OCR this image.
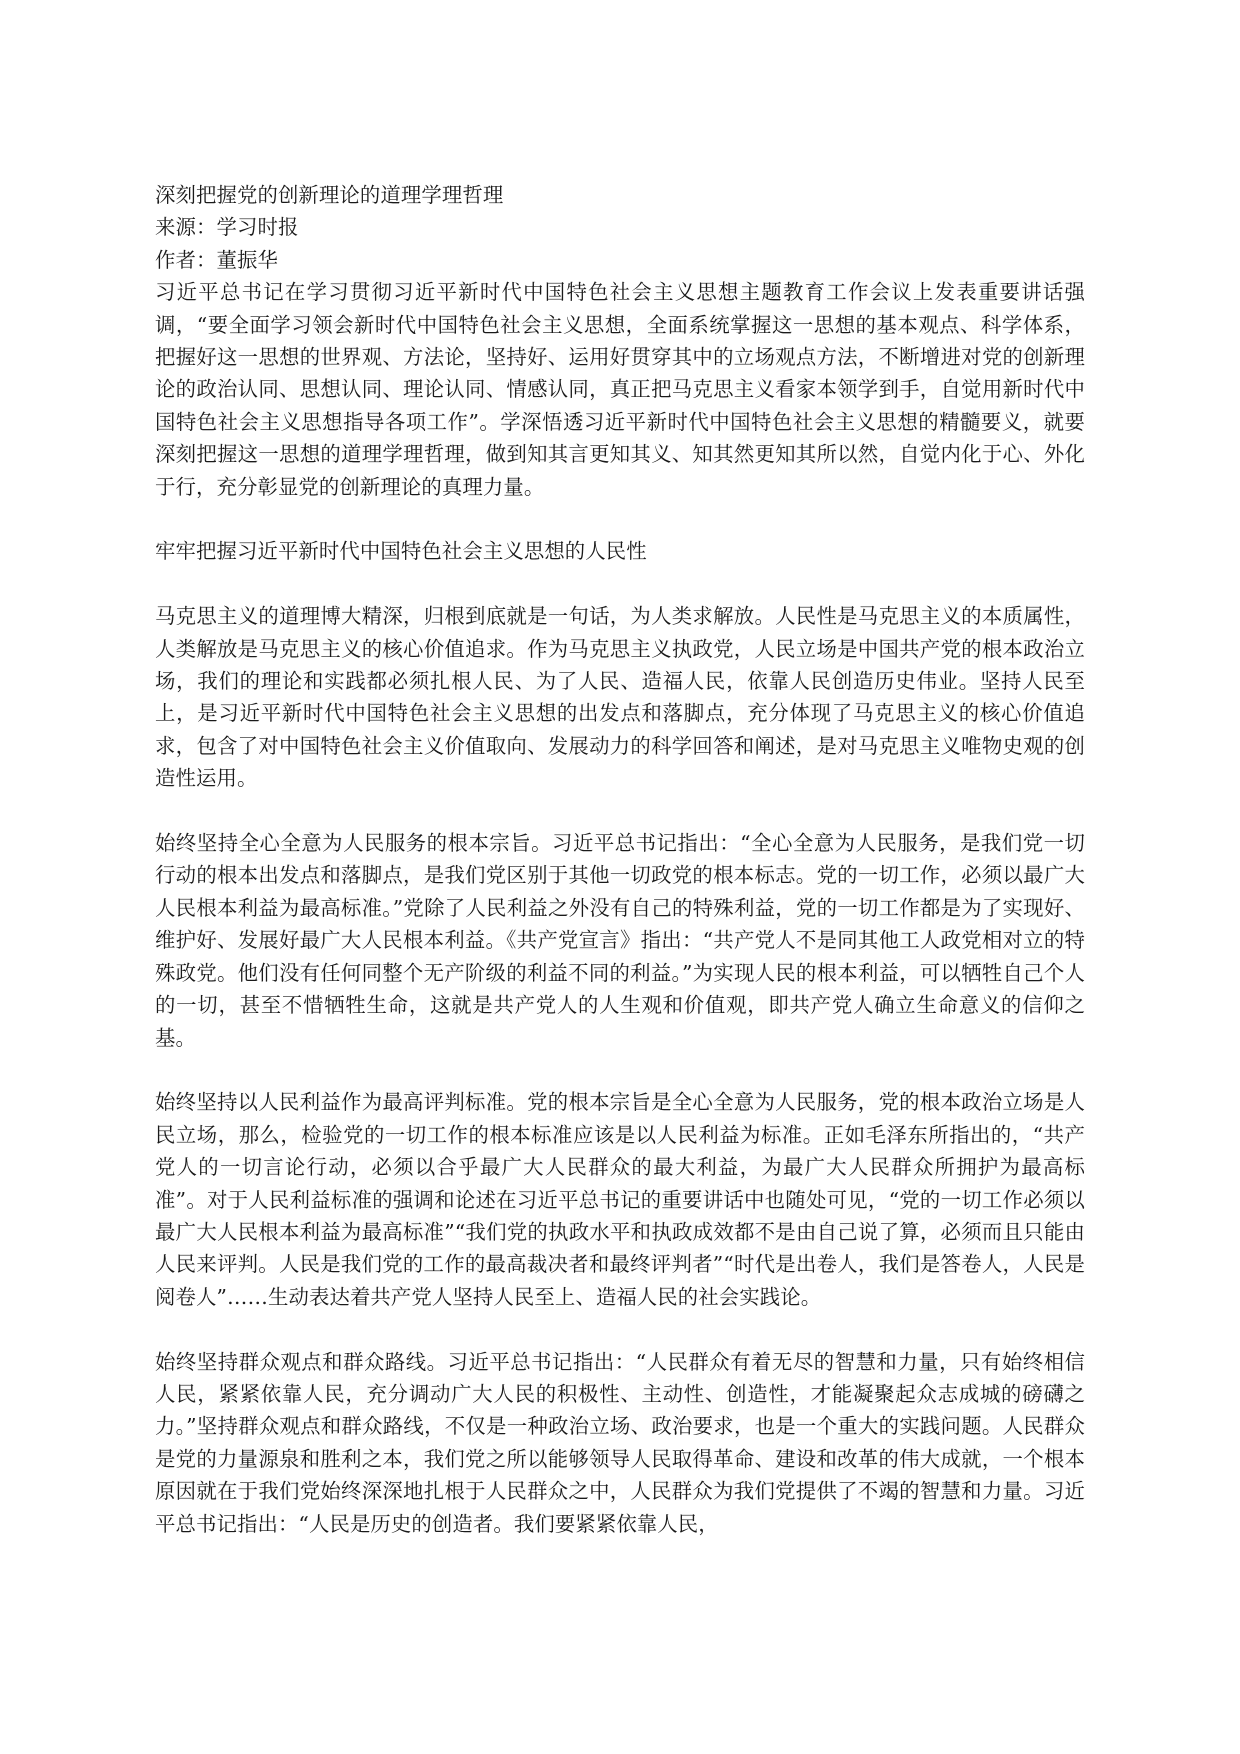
深刻把握党的创新理论的道理学理哲理
来源：学习时报
作者：董振华

习近平总书记在学习贯彻习近平新时代中国特色社会主义思想主题教育工作会议上发表重要讲话强调，“要全面学习领会新时代中国特色社会主义思想，全面系统掌握这一思想的基本观点、科学体系，把握好这一思想的世界观、方法论，坚持好、运用好贯穿其中的立场观点方法，不断增进对党的创新理论的政治认同、思想认同、理论认同、情感认同，真正把马克思主义看家本领学到手，自觉用新时代中国特色社会主义思想指导各项工作”。学深悟透习近平新时代中国特色社会主义思想的精髓要义，就要深刻把握这一思想的道理学理哲理，做到知其言更知其义、知其然更知其所以然，自觉内化于心、外化于行，充分彰显党的创新理论的真理力量。

牢牢把握习近平新时代中国特色社会主义思想的人民性

马克思主义的道理博大精深，归根到底就是一句话，为人类求解放。人民性是马克思主义的本质属性，人类解放是马克思主义的核心价值追求。作为马克思主义执政党，人民立场是中国共产党的根本政治立场，我们的理论和实践都必须扎根人民、为了人民、造福人民，依靠人民创造历史伟业。坚持人民至上，是习近平新时代中国特色社会主义思想的出发点和落脚点，充分体现了马克思主义的核心价值追求，包含了对中国特色社会主义价值取向、发展动力的科学回答和阐述，是对马克思主义唯物史观的创造性运用。

始终坚持全心全意为人民服务的根本宗旨。习近平总书记指出：“全心全意为人民服务，是我们党一切行动的根本出发点和落脚点，是我们党区别于其他一切政党的根本标志。党的一切工作，必须以最广大人民根本利益为最高标准。”党除了人民利益之外没有自己的特殊利益，党的一切工作都是为了实现好、维护好、发展好最广大人民根本利益。《共产党宣言》指出：“共产党人不是同其他工人政党相对立的特殊政党。他们没有任何同整个无产阶级的利益不同的利益。”为实现人民的根本利益，可以牺牲自己个人的一切，甚至不惜牺牲生命，这就是共产党人的人生观和价值观，即共产党人确立生命意义的信仰之基。

始终坚持以人民利益作为最高评判标准。党的根本宗旨是全心全意为人民服务，党的根本政治立场是人民立场，那么，检验党的一切工作的根本标准应该是以人民利益为标准。正如毛泽东所指出的，“共产党人的一切言论行动，必须以合乎最广大人民群众的最大利益，为最广大人民群众所拥护为最高标准”。对于人民利益标准的强调和论述在习近平总书记的重要讲话中也随处可见，“党的一切工作必须以最广大人民根本利益为最高标准”“我们党的执政水平和执政成效都不是由自己说了算，必须而且只能由人民来评判。人民是我们党的工作的最高裁决者和最终评判者”“时代是出卷人，我们是答卷人，人民是阅卷人”……生动表达着共产党人坚持人民至上、造福人民的社会实践论。

始终坚持群众观点和群众路线。习近平总书记指出：“人民群众有着无尽的智慧和力量，只有始终相信人民，紧紧依靠人民，充分调动广大人民的积极性、主动性、创造性，才能凝聚起众志成城的磅礴之力。”坚持群众观点和群众路线，不仅是一种政治立场、政治要求，也是一个重大的实践问题。人民群众是党的力量源泉和胜利之本，我们党之所以能够领导人民取得革命、建设和改革的伟大成就，一个根本原因就在于我们党始终深深地扎根于人民群众之中，人民群众为我们党提供了不竭的智慧和力量。习近平总书记指出：“人民是历史的创造者。我们要紧紧依靠人民，
